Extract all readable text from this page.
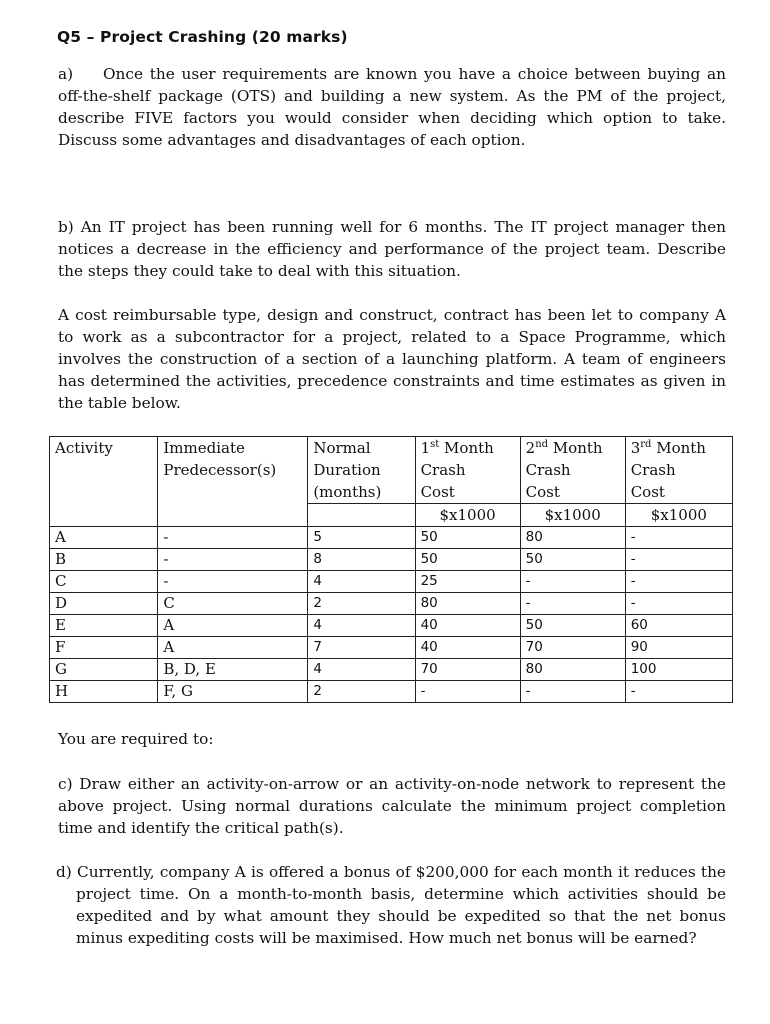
Q5 – Project Crashing (20 marks)
a) Once the user requirements are known you have a choice between buying an off-the-shelf package (OTS) and building a new system. As the PM of the project, describe FIVE factors you would consider when deciding which option to take. Discuss some advantages and disadvantages of each option.
b) An IT project has been running well for 6 months. The IT project manager then notices a decrease in the efficiency and performance of the project team. Describe the steps they could take to deal with this situation.
A cost reimbursable type, design and construct, contract has been let to company A to work as a subcontractor for a project, related to a Space Programme, which involves the construction of a section of a launching platform. A team of engineers has determined the activities, precedence constraints and time estimates as given in the table below.
Activity	Immediate	Normal	1st Month	2nd Month	3rd Month
	Predecessor(s)	Duration	Crash	Crash	Crash
		(months)	Cost	Cost	Cost
			$x1000	$x1000	$x1000
A	-	5	50	80	-
B	-	8	50	50	-
C	-	4	25	-	-
D	C	2	80	-	-
E	A	4	40	50	60
F	A	7	40	70	90
G	B, D, E	4	70	80	100
H	F, G	2	-	-	-
You are required to:
c) Draw either an activity-on-arrow or an activity-on-node network to represent the above project. Using normal durations calculate the minimum project completion time and identify the critical path(s).
d) Currently, company A is offered a bonus of $200,000 for each month it reduces the project time. On a month-to-month basis, determine which activities should be expedited and by what amount they should be expedited so that the net bonus minus expediting costs will be maximised. How much net bonus will be earned?
